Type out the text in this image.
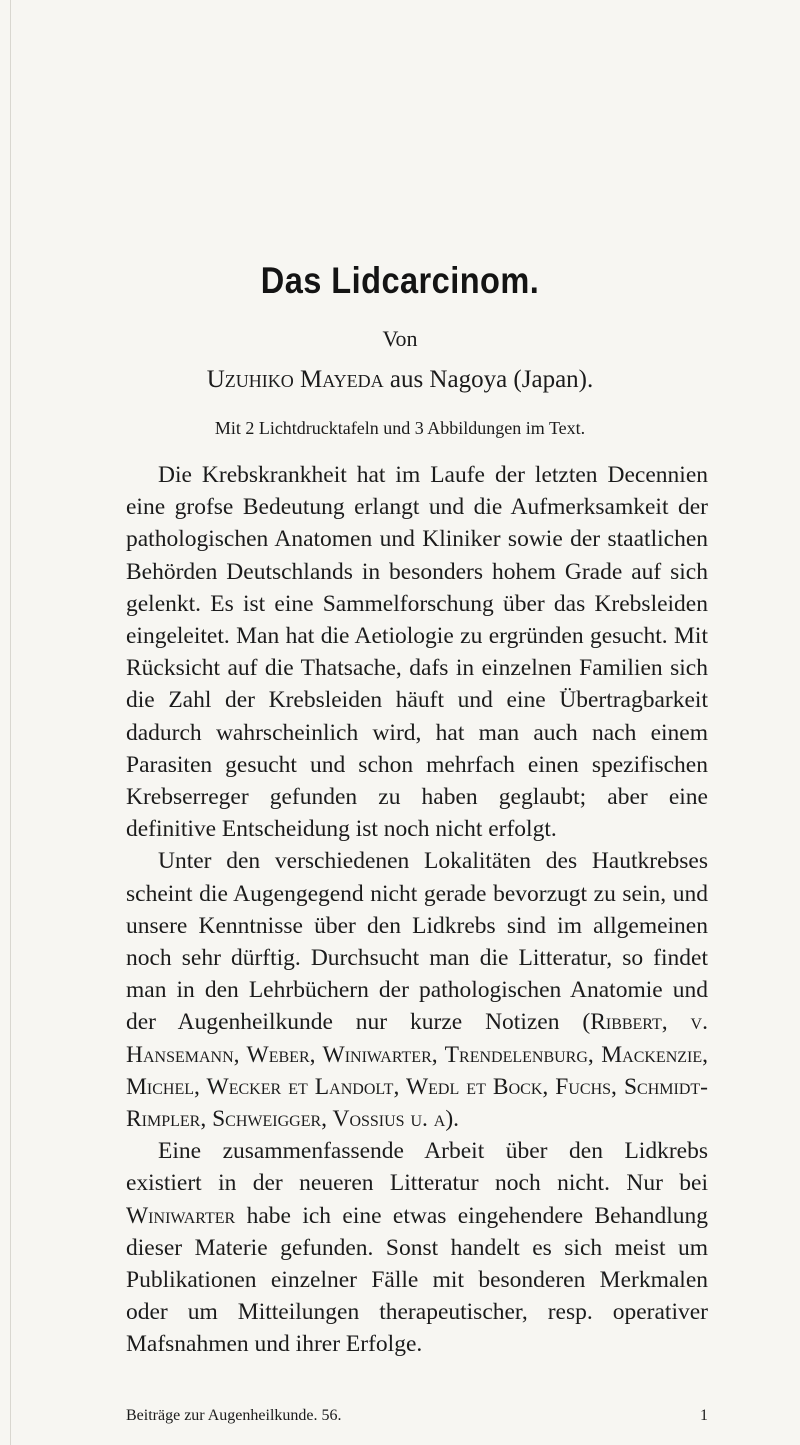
Das Lidcarcinom.
Von
Uzuhiko Mayeda aus Nagoya (Japan).
Mit 2 Lichtdrucktafeln und 3 Abbildungen im Text.

Die Krebskrankheit hat im Laufe der letzten Decennien eine grofse Bedeutung erlangt und die Aufmerksamkeit der pathologischen Anatomen und Kliniker sowie der staatlichen Behörden Deutschlands in besonders hohem Grade auf sich gelenkt. Es ist eine Sammelforschung über das Krebsleiden eingeleitet. Man hat die Aetiologie zu ergründen gesucht. Mit Rücksicht auf die Thatsache, dafs in einzelnen Familien sich die Zahl der Krebsleiden häuft und eine Übertragbarkeit dadurch wahrscheinlich wird, hat man auch nach einem Parasiten gesucht und schon mehrfach einen spezifischen Krebserreger gefunden zu haben geglaubt; aber eine definitive Entscheidung ist noch nicht erfolgt.

Unter den verschiedenen Lokalitäten des Hautkrebses scheint die Augengegend nicht gerade bevorzugt zu sein, und unsere Kenntnisse über den Lidkrebs sind im allgemeinen noch sehr dürftig. Durchsucht man die Litteratur, so findet man in den Lehrbüchern der pathologischen Anatomie und der Augenheilkunde nur kurze Notizen (Ribbert, v. Hansemann, Weber, Winiwarter, Trendelenburg, Mackenzie, Michel, Wecker et Landolt, Wedl et Bock, Fuchs, Schmidt-Rimpler, Schweigger, Vossius u. a).

Eine zusammenfassende Arbeit über den Lidkrebs existiert in der neueren Litteratur noch nicht. Nur bei Winiwarter habe ich eine etwas eingehendere Behandlung dieser Materie gefunden. Sonst handelt es sich meist um Publikationen einzelner Fälle mit besonderen Merkmalen oder um Mitteilungen therapeutischer, resp. operativer Mafsnahmen und ihrer Erfolge.

Beiträge zur Augenheilkunde. 56.	1
